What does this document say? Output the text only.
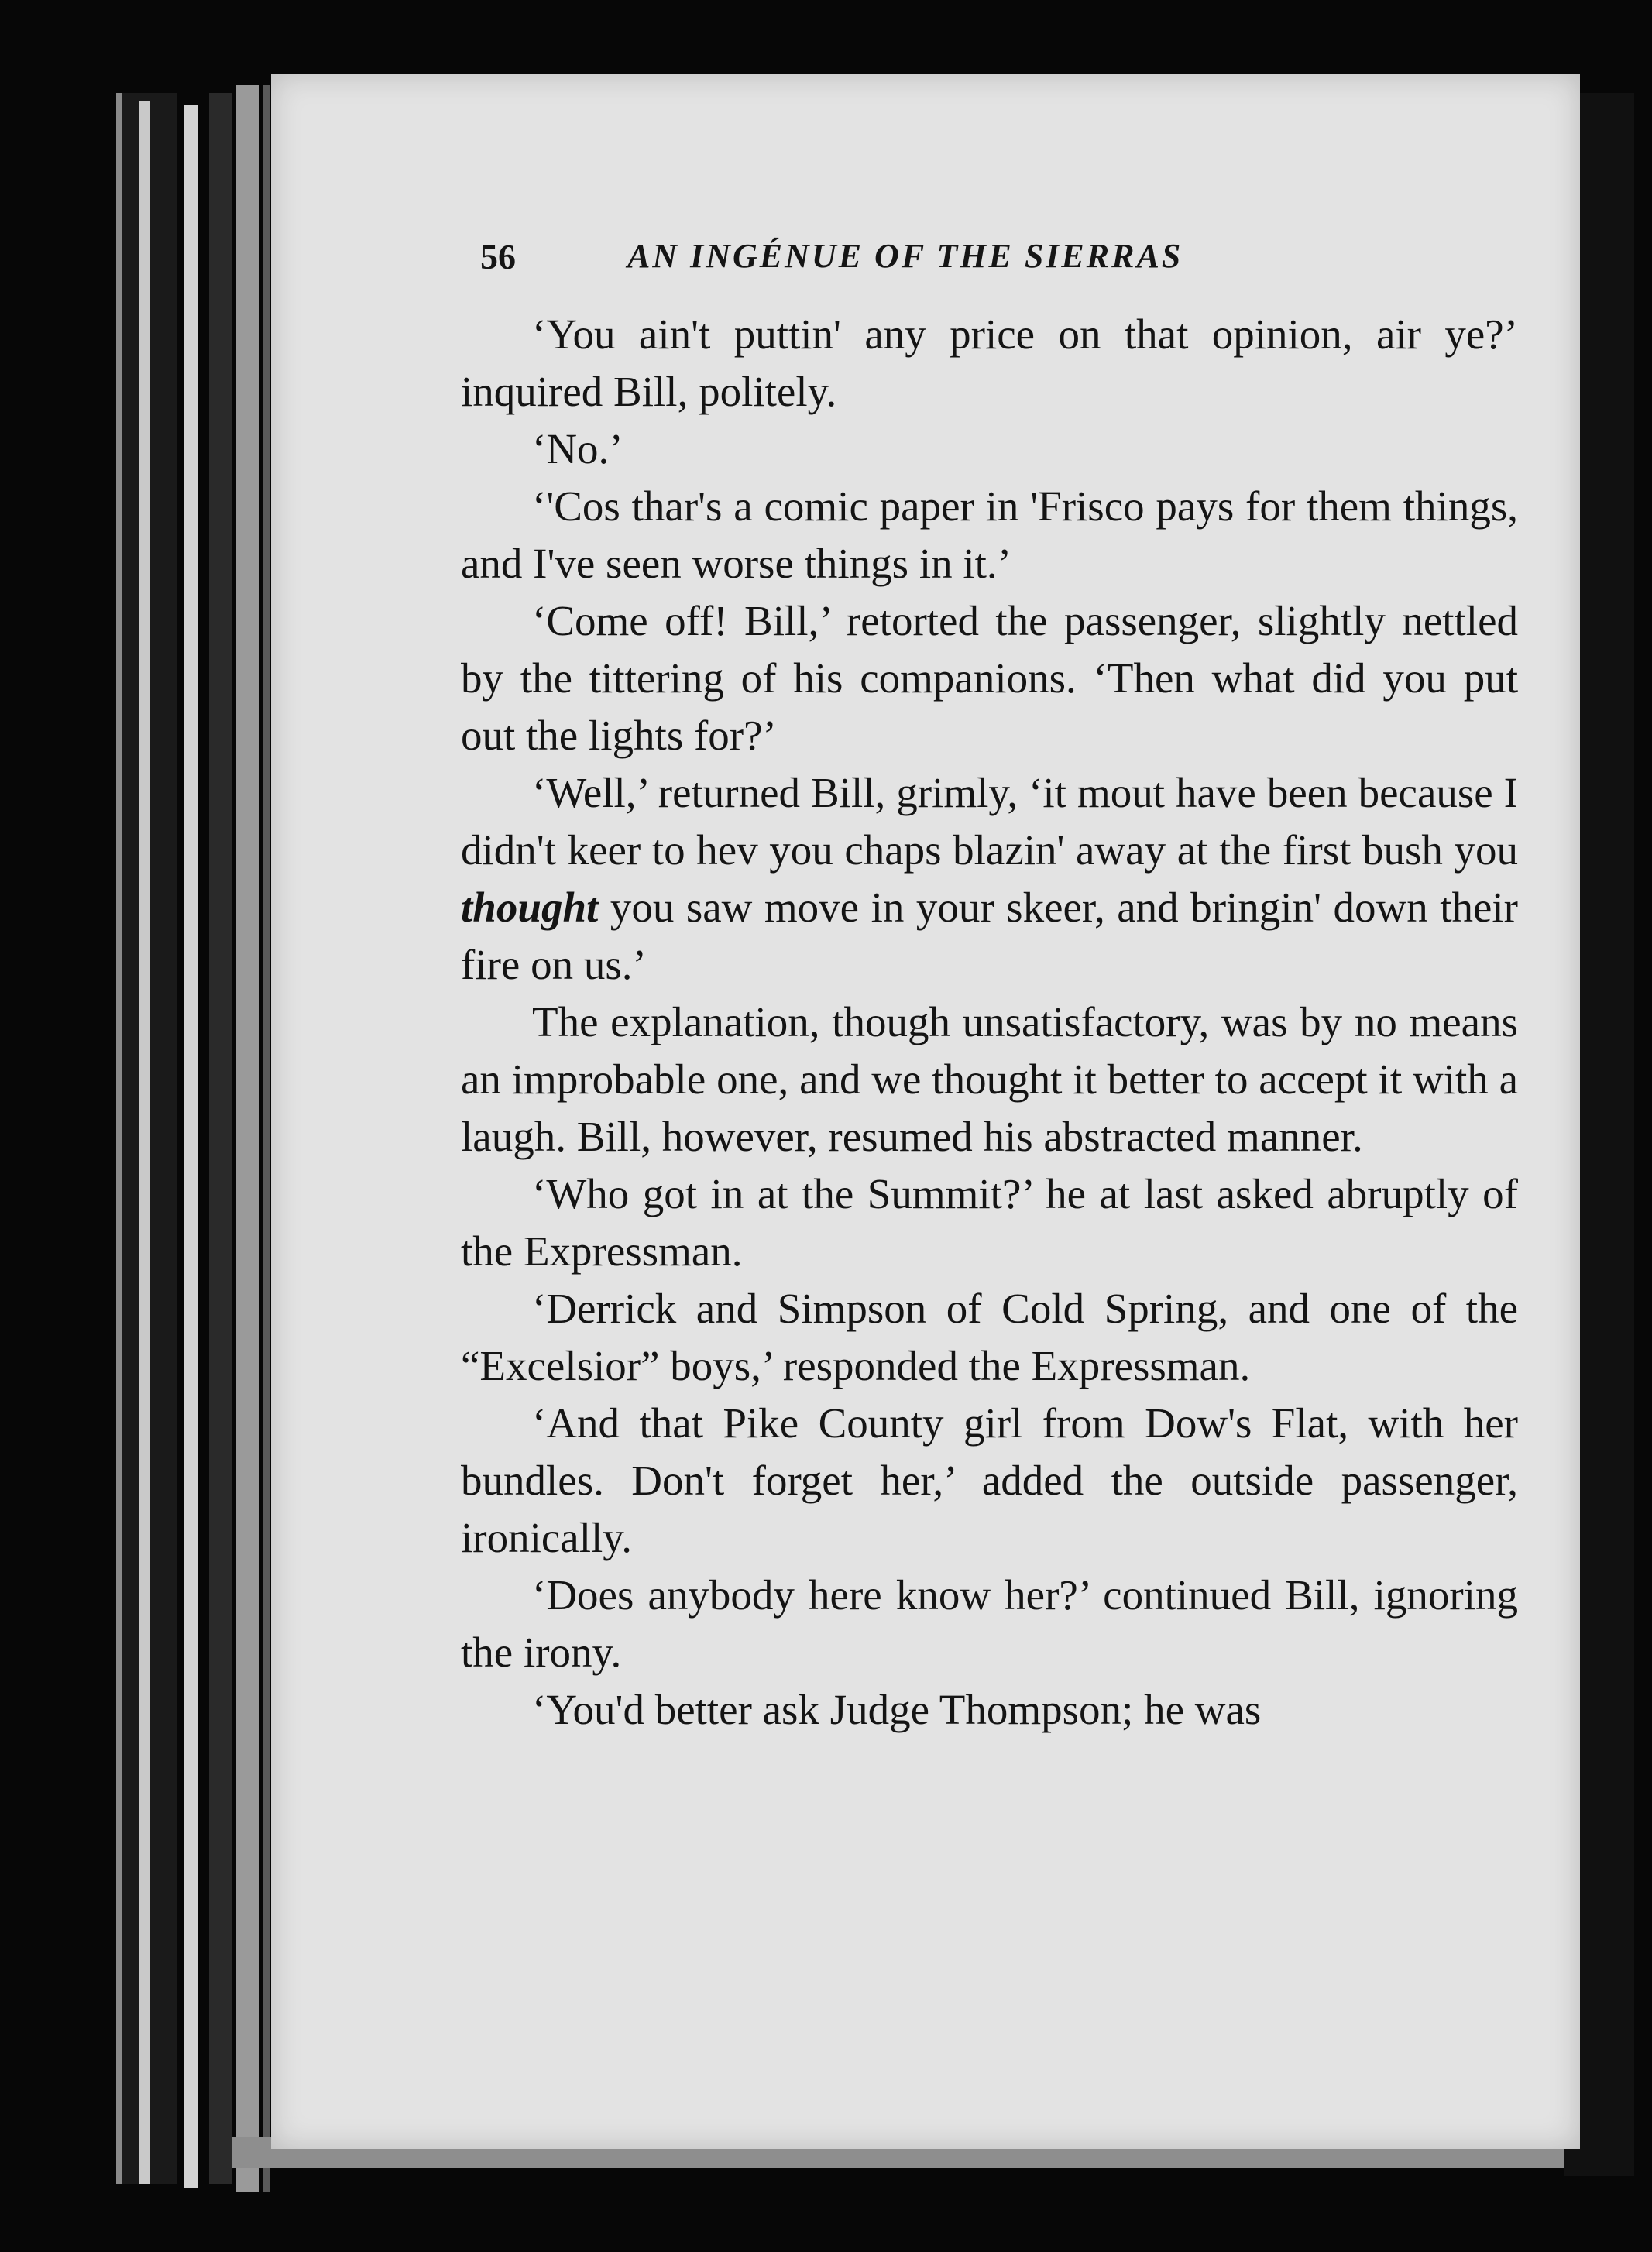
56	AN INGÉNUE OF THE SIERRAS

‘You ain't puttin' any price on that opinion, air ye?’ inquired Bill, politely.

‘No.’

‘'Cos thar's a comic paper in 'Frisco pays for them things, and I've seen worse things in it.’

‘Come off! Bill,’ retorted the passenger, slightly nettled by the tittering of his companions. ‘Then what did you put out the lights for?’

‘Well,’ returned Bill, grimly, ‘it mout have been because I didn't keer to hev you chaps blazin' away at the first bush you thought you saw move in your skeer, and bringin' down their fire on us.’

The explanation, though unsatisfactory, was by no means an improbable one, and we thought it better to accept it with a laugh. Bill, however, resumed his abstracted manner.

‘Who got in at the Summit?’ he at last asked abruptly of the Expressman.

‘Derrick and Simpson of Cold Spring, and one of the “Excelsior” boys,’ responded the Expressman.

‘And that Pike County girl from Dow's Flat, with her bundles. Don't forget her,’ added the outside passenger, ironically.

‘Does anybody here know her?’ continued Bill, ignoring the irony.

‘You'd better ask Judge Thompson; he was
